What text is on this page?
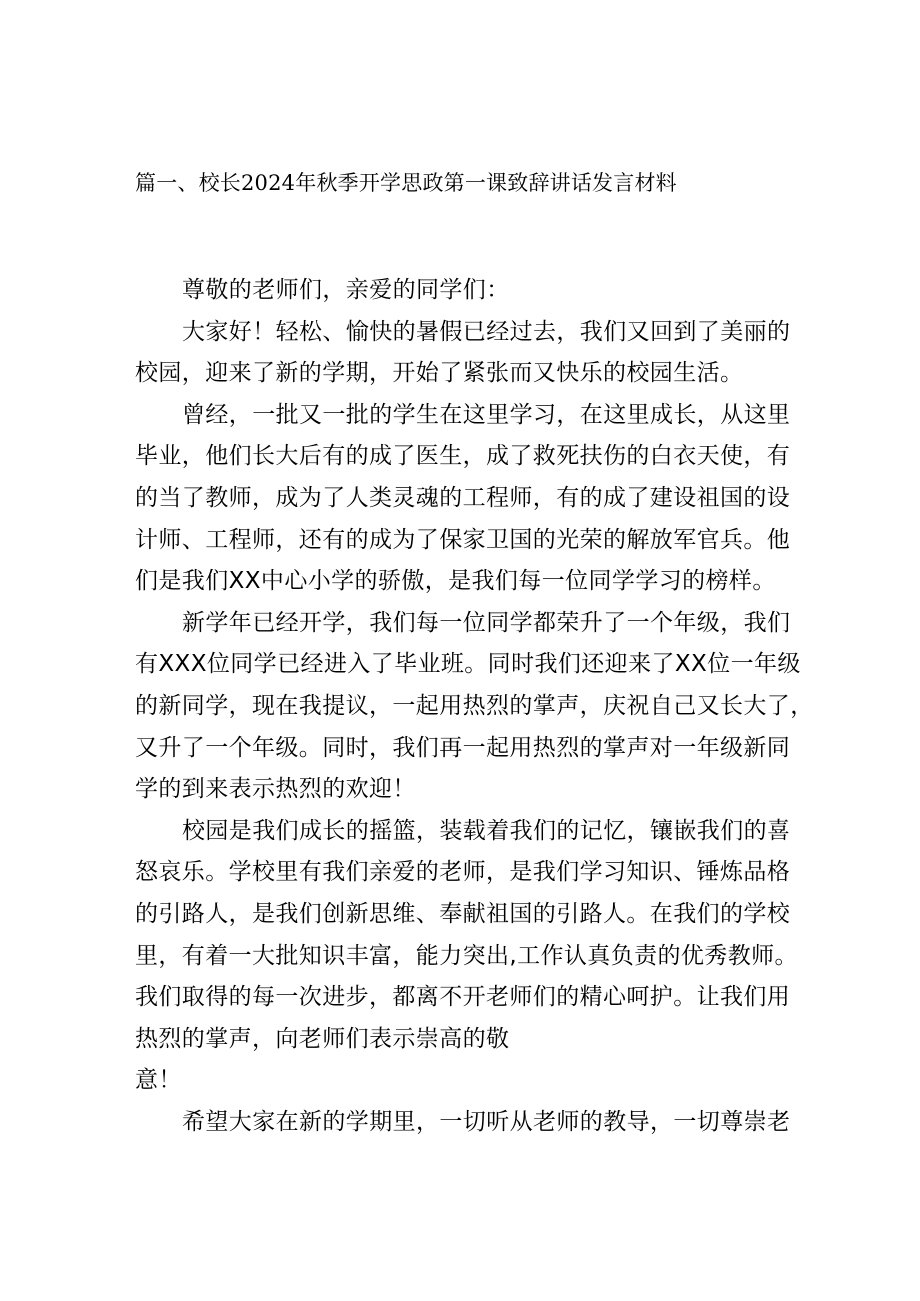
篇一、校长2024年秋季开学思政第一课致辞讲话发言材料
尊敬的老师们，亲爱的同学们：
大家好！轻松、愉快的暑假已经过去，我们又回到了美丽的
校园，迎来了新的学期，开始了紧张而又快乐的校园生活。
曾经，一批又一批的学生在这里学习，在这里成长，从这里
毕业，他们长大后有的成了医生，成了救死扶伤的白衣天使，有
的当了教师，成为了人类灵魂的工程师，有的成了建设祖国的设
计师、工程师，还有的成为了保家卫国的光荣的解放军官兵。他
们是我们XX中心小学的骄傲，是我们每一位同学学习的榜样。
新学年已经开学，我们每一位同学都荣升了一个年级，我们
有XXX位同学已经进入了毕业班。同时我们还迎来了XX位一年级
的新同学，现在我提议，一起用热烈的掌声，庆祝自己又长大了，
又升了一个年级。同时，我们再一起用热烈的掌声对一年级新同
学的到来表示热烈的欢迎！
校园是我们成长的摇篮，装载着我们的记忆，镶嵌我们的喜
怒哀乐。学校里有我们亲爱的老师，是我们学习知识、锤炼品格
的引路人，是我们创新思维、奉献祖国的引路人。在我们的学校
里，有着一大批知识丰富，能力突出,工作认真负责的优秀教师。
我们取得的每一次进步，都离不开老师们的精心呵护。让我们用
热烈的掌声，向老师们表示崇高的敬
意！
希望大家在新的学期里，一切听从老师的教导，一切尊崇老
